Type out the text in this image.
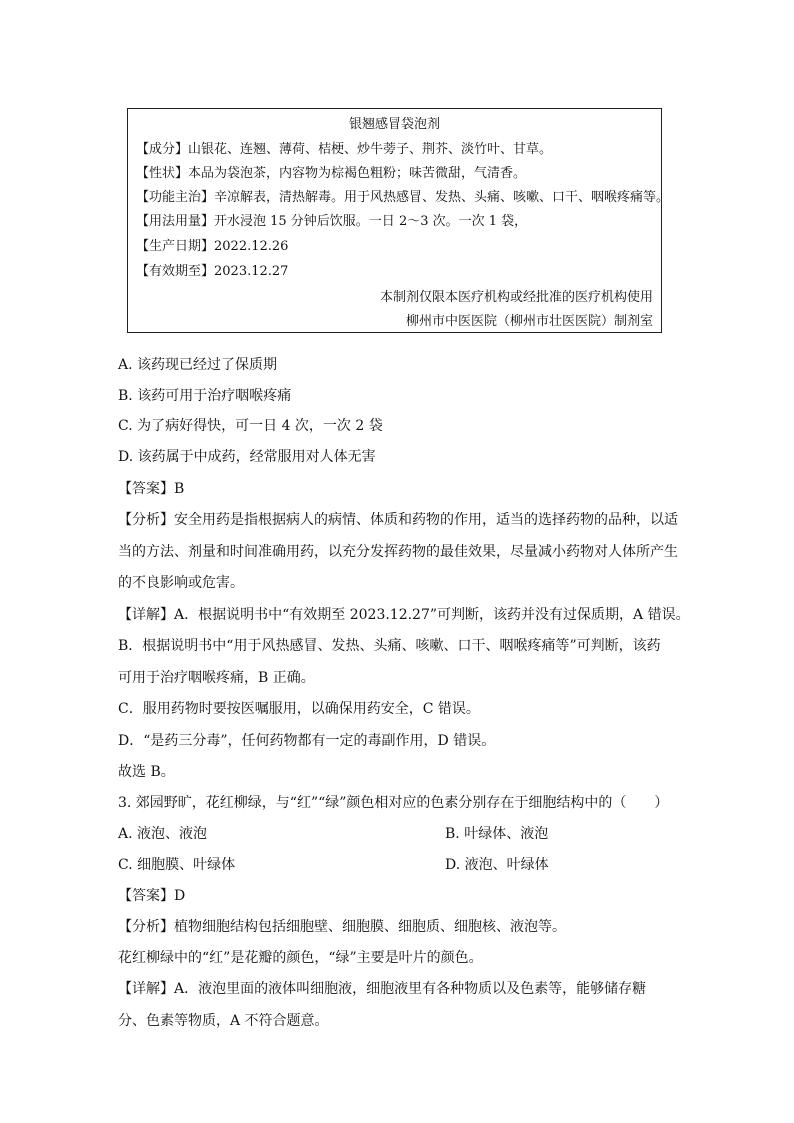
银翘感冒袋泡剂
【成分】山银花、连翘、薄荷、桔梗、炒牛蒡子、荆芥、淡竹叶、甘草。
【性状】本品为袋泡茶，内容物为棕褐色粗粉；味苦微甜，气清香。
【功能主治】辛凉解表，清热解毒。用于风热感冒、发热、头痛、咳嗽、口干、咽喉疼痛等。
【用法用量】开水浸泡 15 分钟后饮服。一日 2～3 次。一次 1 袋，
【生产日期】2022.12.26
【有效期至】2023.12.27
本制剂仅限本医疗机构或经批准的医疗机构使用
柳州市中医医院（柳州市壮医医院）制剂室
A. 该药现已经过了保质期
B. 该药可用于治疗咽喉疼痛
C. 为了病好得快，可一日 4 次，一次 2 袋
D. 该药属于中成药，经常服用对人体无害
【答案】B
【分析】安全用药是指根据病人的病情、体质和药物的作用，适当的选择药物的品种，以适
当的方法、剂量和时间准确用药，以充分发挥药物的最佳效果，尽量减小药物对人体所产生
的不良影响或危害。
【详解】A．根据说明书中“有效期至 2023.12.27”可判断，该药并没有过保质期，A 错误。
B．根据说明书中“用于风热感冒、发热、头痛、咳嗽、口干、咽喉疼痛等”可判断，该药
可用于治疗咽喉疼痛，B 正确。
C．服用药物时要按医嘱服用，以确保用药安全，C 错误。
D．“是药三分毒”，任何药物都有一定的毒副作用，D 错误。
故选 B。
3. 郊园野旷，花红柳绿，与“红”“绿”颜色相对应的色素分别存在于细胞结构中的（　　）
A. 液泡、液泡	B. 叶绿体、液泡
C. 细胞膜、叶绿体	D. 液泡、叶绿体
【答案】D
【分析】植物细胞结构包括细胞壁、细胞膜、细胞质、细胞核、液泡等。
花红柳绿中的“红”是花瓣的颜色，“绿”主要是叶片的颜色。
【详解】A．液泡里面的液体叫细胞液，细胞液里有各种物质以及色素等，能够储存糖
分、色素等物质，A 不符合题意。
